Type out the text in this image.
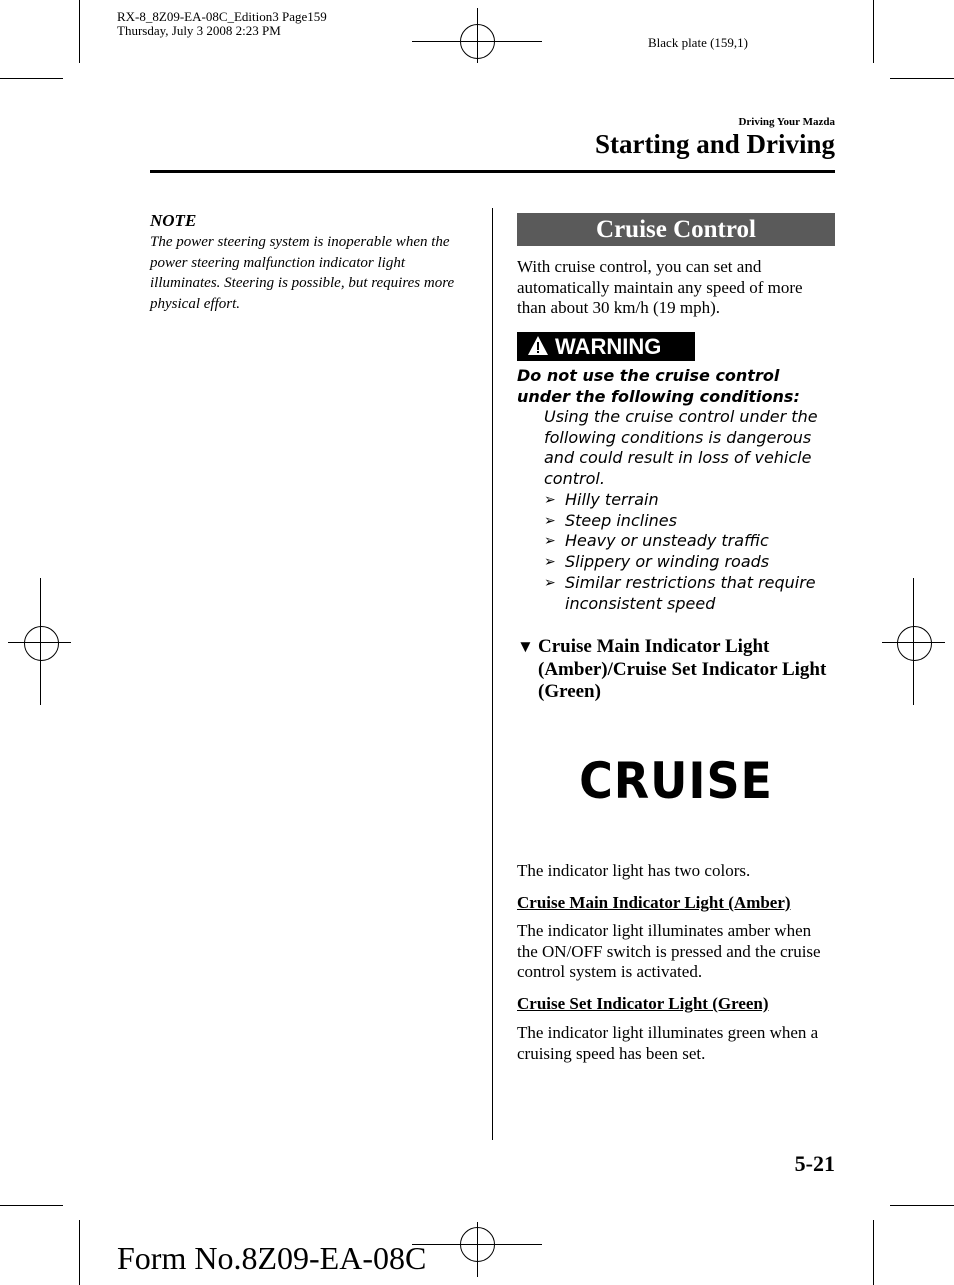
RX-8_8Z09-EA-08C_Edition3 Page159
Thursday, July 3 2008 2:23 PM
Black plate (159,1)
Driving Your Mazda
Starting and Driving
NOTE
The power steering system is inoperable when the power steering malfunction indicator light illuminates. Steering is possible, but requires more physical effort.
Cruise Control
With cruise control, you can set and automatically maintain any speed of more than about 30 km/h (19 mph).
WARNING
Do not use the cruise control under the following conditions:
Using the cruise control under the following conditions is dangerous and could result in loss of vehicle control.
➢ Hilly terrain
➢ Steep inclines
➢ Heavy or unsteady traffic
➢ Slippery or winding roads
➢ Similar restrictions that require inconsistent speed
▼ Cruise Main Indicator Light (Amber)/Cruise Set Indicator Light (Green)
CRUISE
The indicator light has two colors.
Cruise Main Indicator Light (Amber)
The indicator light illuminates amber when the ON/OFF switch is pressed and the cruise control system is activated.
Cruise Set Indicator Light (Green)
The indicator light illuminates green when a cruising speed has been set.
5-21
Form No.8Z09-EA-08C
